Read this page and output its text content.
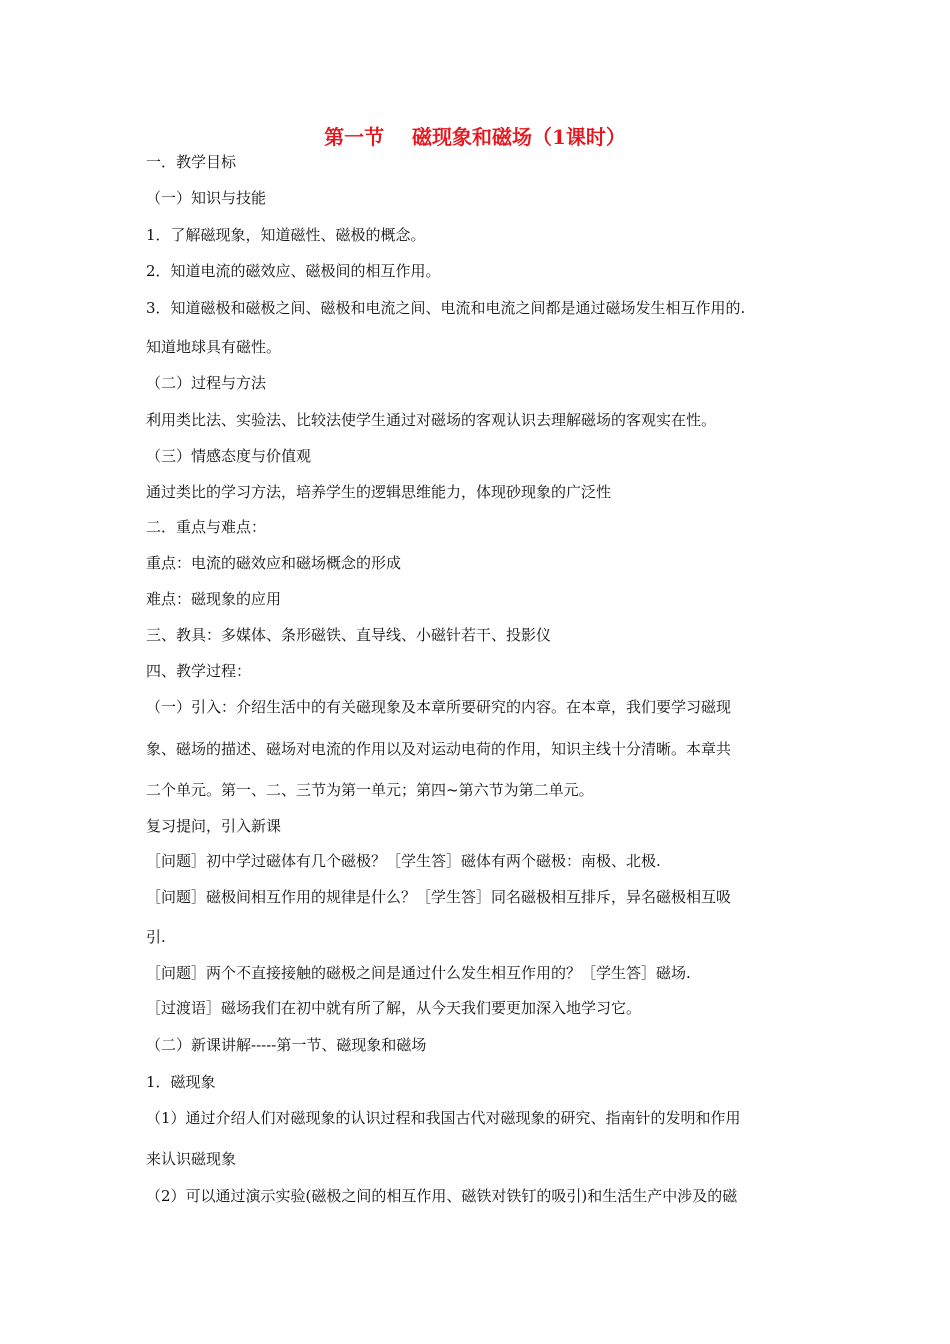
第一节    磁现象和磁场（1课时）
一．教学目标
（一）知识与技能
1．了解磁现象，知道磁性、磁极的概念。
2．知道电流的磁效应、磁极间的相互作用。
3．知道磁极和磁极之间、磁极和电流之间、电流和电流之间都是通过磁场发生相互作用的.
知道地球具有磁性。
（二）过程与方法
利用类比法、实验法、比较法使学生通过对磁场的客观认识去理解磁场的客观实在性。
（三）情感态度与价值观
通过类比的学习方法，培养学生的逻辑思维能力，体现砂现象的广泛性
二．重点与难点：
重点：电流的磁效应和磁场概念的形成
难点：磁现象的应用
三、教具：多媒体、条形磁铁、直导线、小磁针若干、投影仪
四、教学过程：
（一）引入：介绍生活中的有关磁现象及本章所要研究的内容。在本章，我们要学习磁现
象、磁场的描述、磁场对电流的作用以及对运动电荷的作用，知识主线十分清晰。本章共
二个单元。第一、二、三节为第一单元；第四~第六节为第二单元。
复习提问，引入新课
［问题］初中学过磁体有几个磁极？［学生答］磁体有两个磁极：南极、北极.
［问题］磁极间相互作用的规律是什么？［学生答］同名磁极相互排斥，异名磁极相互吸
引.
［问题］两个不直接接触的磁极之间是通过什么发生相互作用的？［学生答］磁场.
［过渡语］磁场我们在初中就有所了解，从今天我们要更加深入地学习它。
（二）新课讲解-----第一节、磁现象和磁场
1．磁现象
（1）通过介绍人们对磁现象的认识过程和我国古代对磁现象的研究、指南针的发明和作用
来认识磁现象
（2）可以通过演示实验(磁极之间的相互作用、磁铁对铁钉的吸引)和生活生产中涉及的磁
